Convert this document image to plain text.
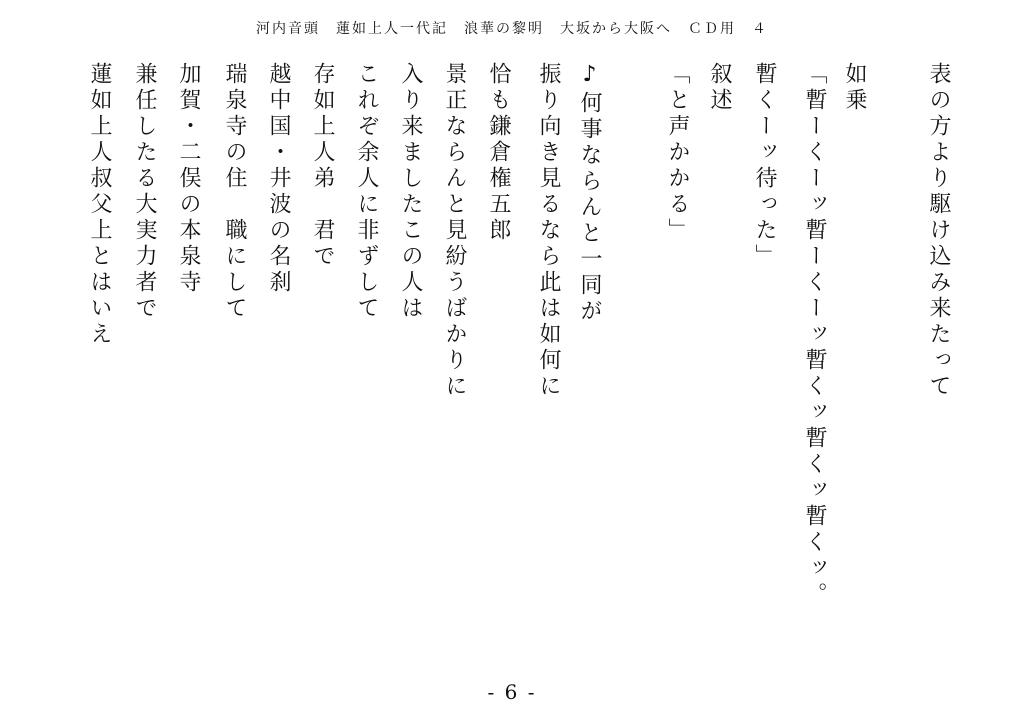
河内音頭　蓮如上人一代記　浪華の黎明　大坂から大阪へ　ＣＤ用　４
表の方より駆け込み来たって
如乗
「暫ーくーッ暫ーくーッ暫くッ暫くッ暫くッ。
暫くーッ待った」
叙述
「と声かかる」
♪何事ならんと一同が
振り向き見るなら此は如何に
恰も鎌倉権五郎
景正ならんと見紛うばかりに
入り来ましたこの人は
これぞ余人に非ずして
存如上人弟　君で
越中国・井波の名刹
瑞泉寺の住　職にして
加賀・二俣の本泉寺
兼任したる大実力者で
蓮如上人叔父上とはいえ
- 6 -
